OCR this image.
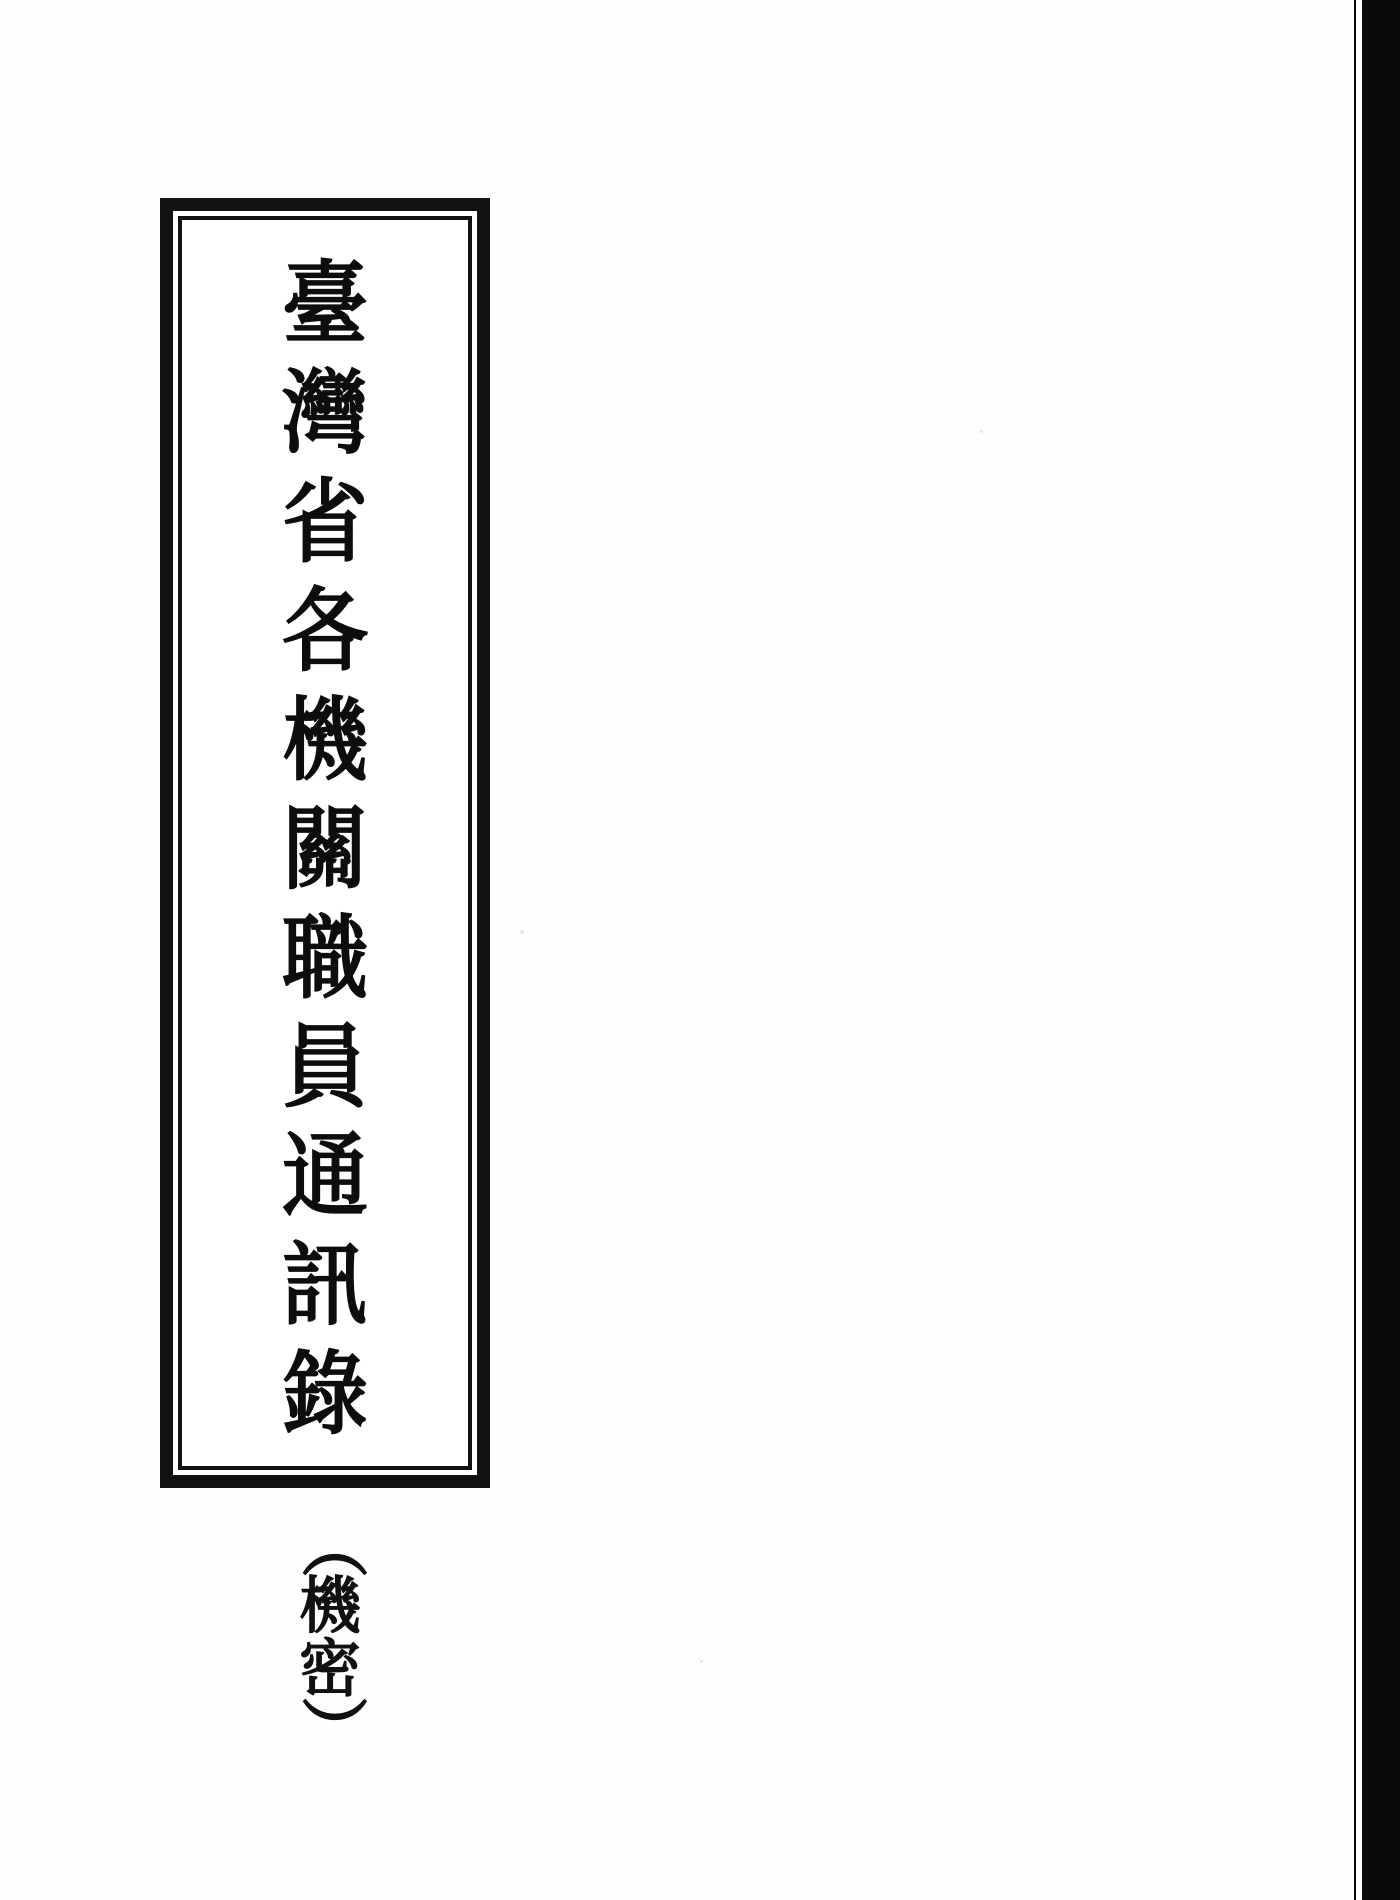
臺
灣
省
各
機
關
職
員
通
訊
錄
（
機
密
）
